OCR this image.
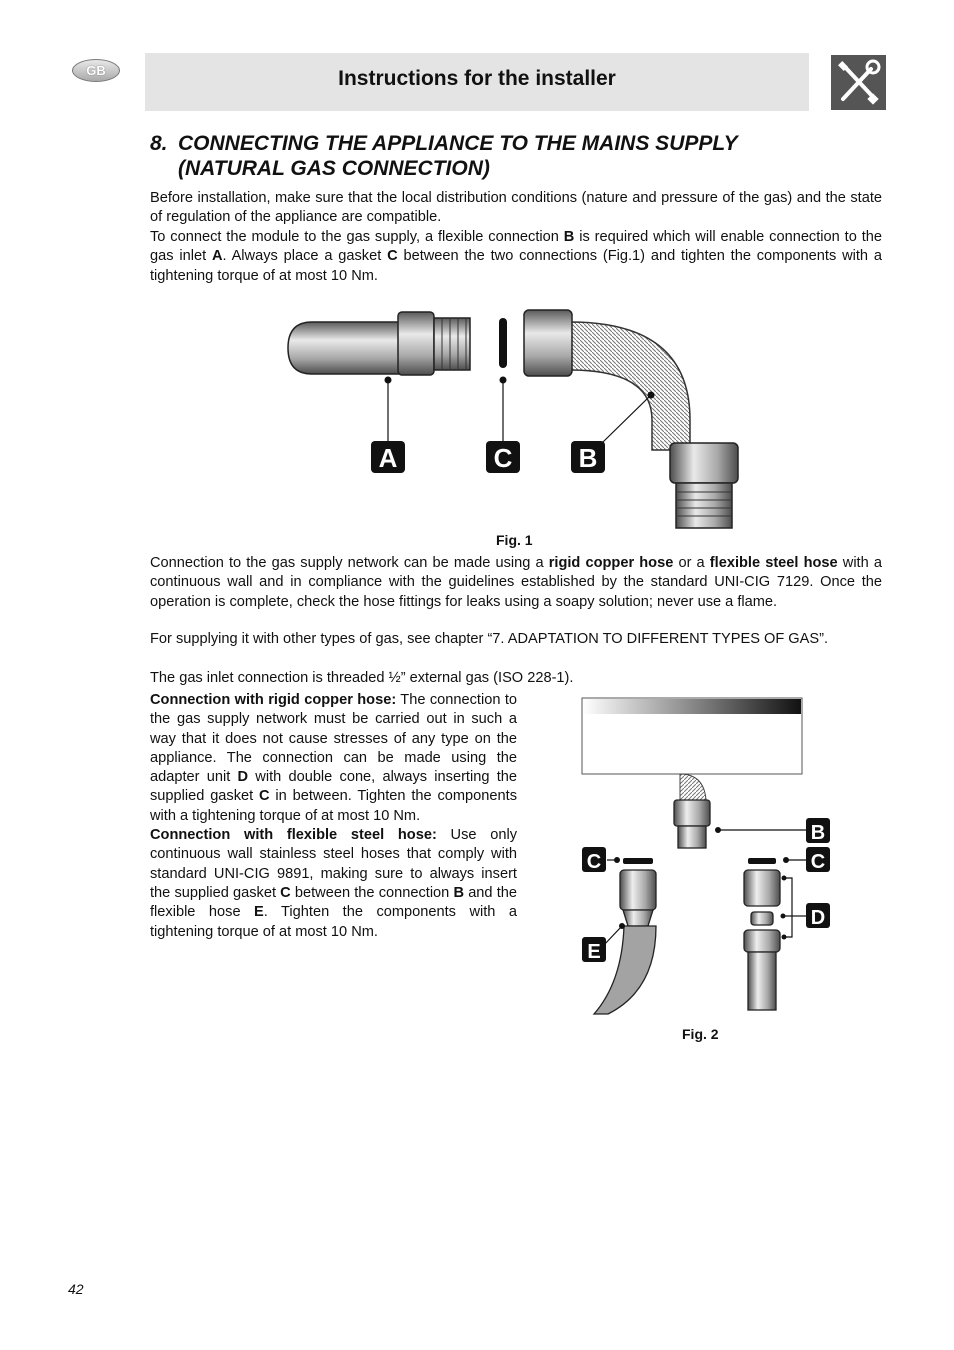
GB	Instructions for the installer
8. CONNECTING THE APPLIANCE TO THE MAINS SUPPLY
(NATURAL GAS CONNECTION)
Before installation, make sure that the local distribution conditions (nature and pressure of the gas) and the state of regulation of the appliance are compatible.
To connect the module to the gas supply, a flexible connection B is required which will enable connection to the gas inlet A. Always place a gasket C between the two connections (Fig.1) and tighten the components with a tightening torque of at most 10 Nm.
A	C	B
Fig. 1
Connection to the gas supply network can be made using a rigid copper hose or a flexible steel hose with a continuous wall and in compliance with the guidelines established by the standard UNI-CIG 7129. Once the operation is complete, check the hose fittings for leaks using a soapy solution; never use a flame.
For supplying it with other types of gas, see chapter “7. ADAPTATION TO DIFFERENT TYPES OF GAS”.
The gas inlet connection is threaded ½” external gas (ISO 228-1).

Connection with rigid copper hose: The connection to the gas supply network must be carried out in such a way that it does not cause stresses of any type on the appliance. The connection can be made using the adapter unit D with double cone, always inserting the supplied gasket C in between. Tighten the components with a tightening torque of at most 10 Nm.

Connection with flexible steel hose: Use only continuous wall stainless steel hoses that comply with standard UNI-CIG 9891, making sure to always insert the supplied gasket C between the connection B and the flexible hose E. Tighten the components with a tightening torque of at most 10 Nm.

B
C
D
C
E
Fig. 2
42
